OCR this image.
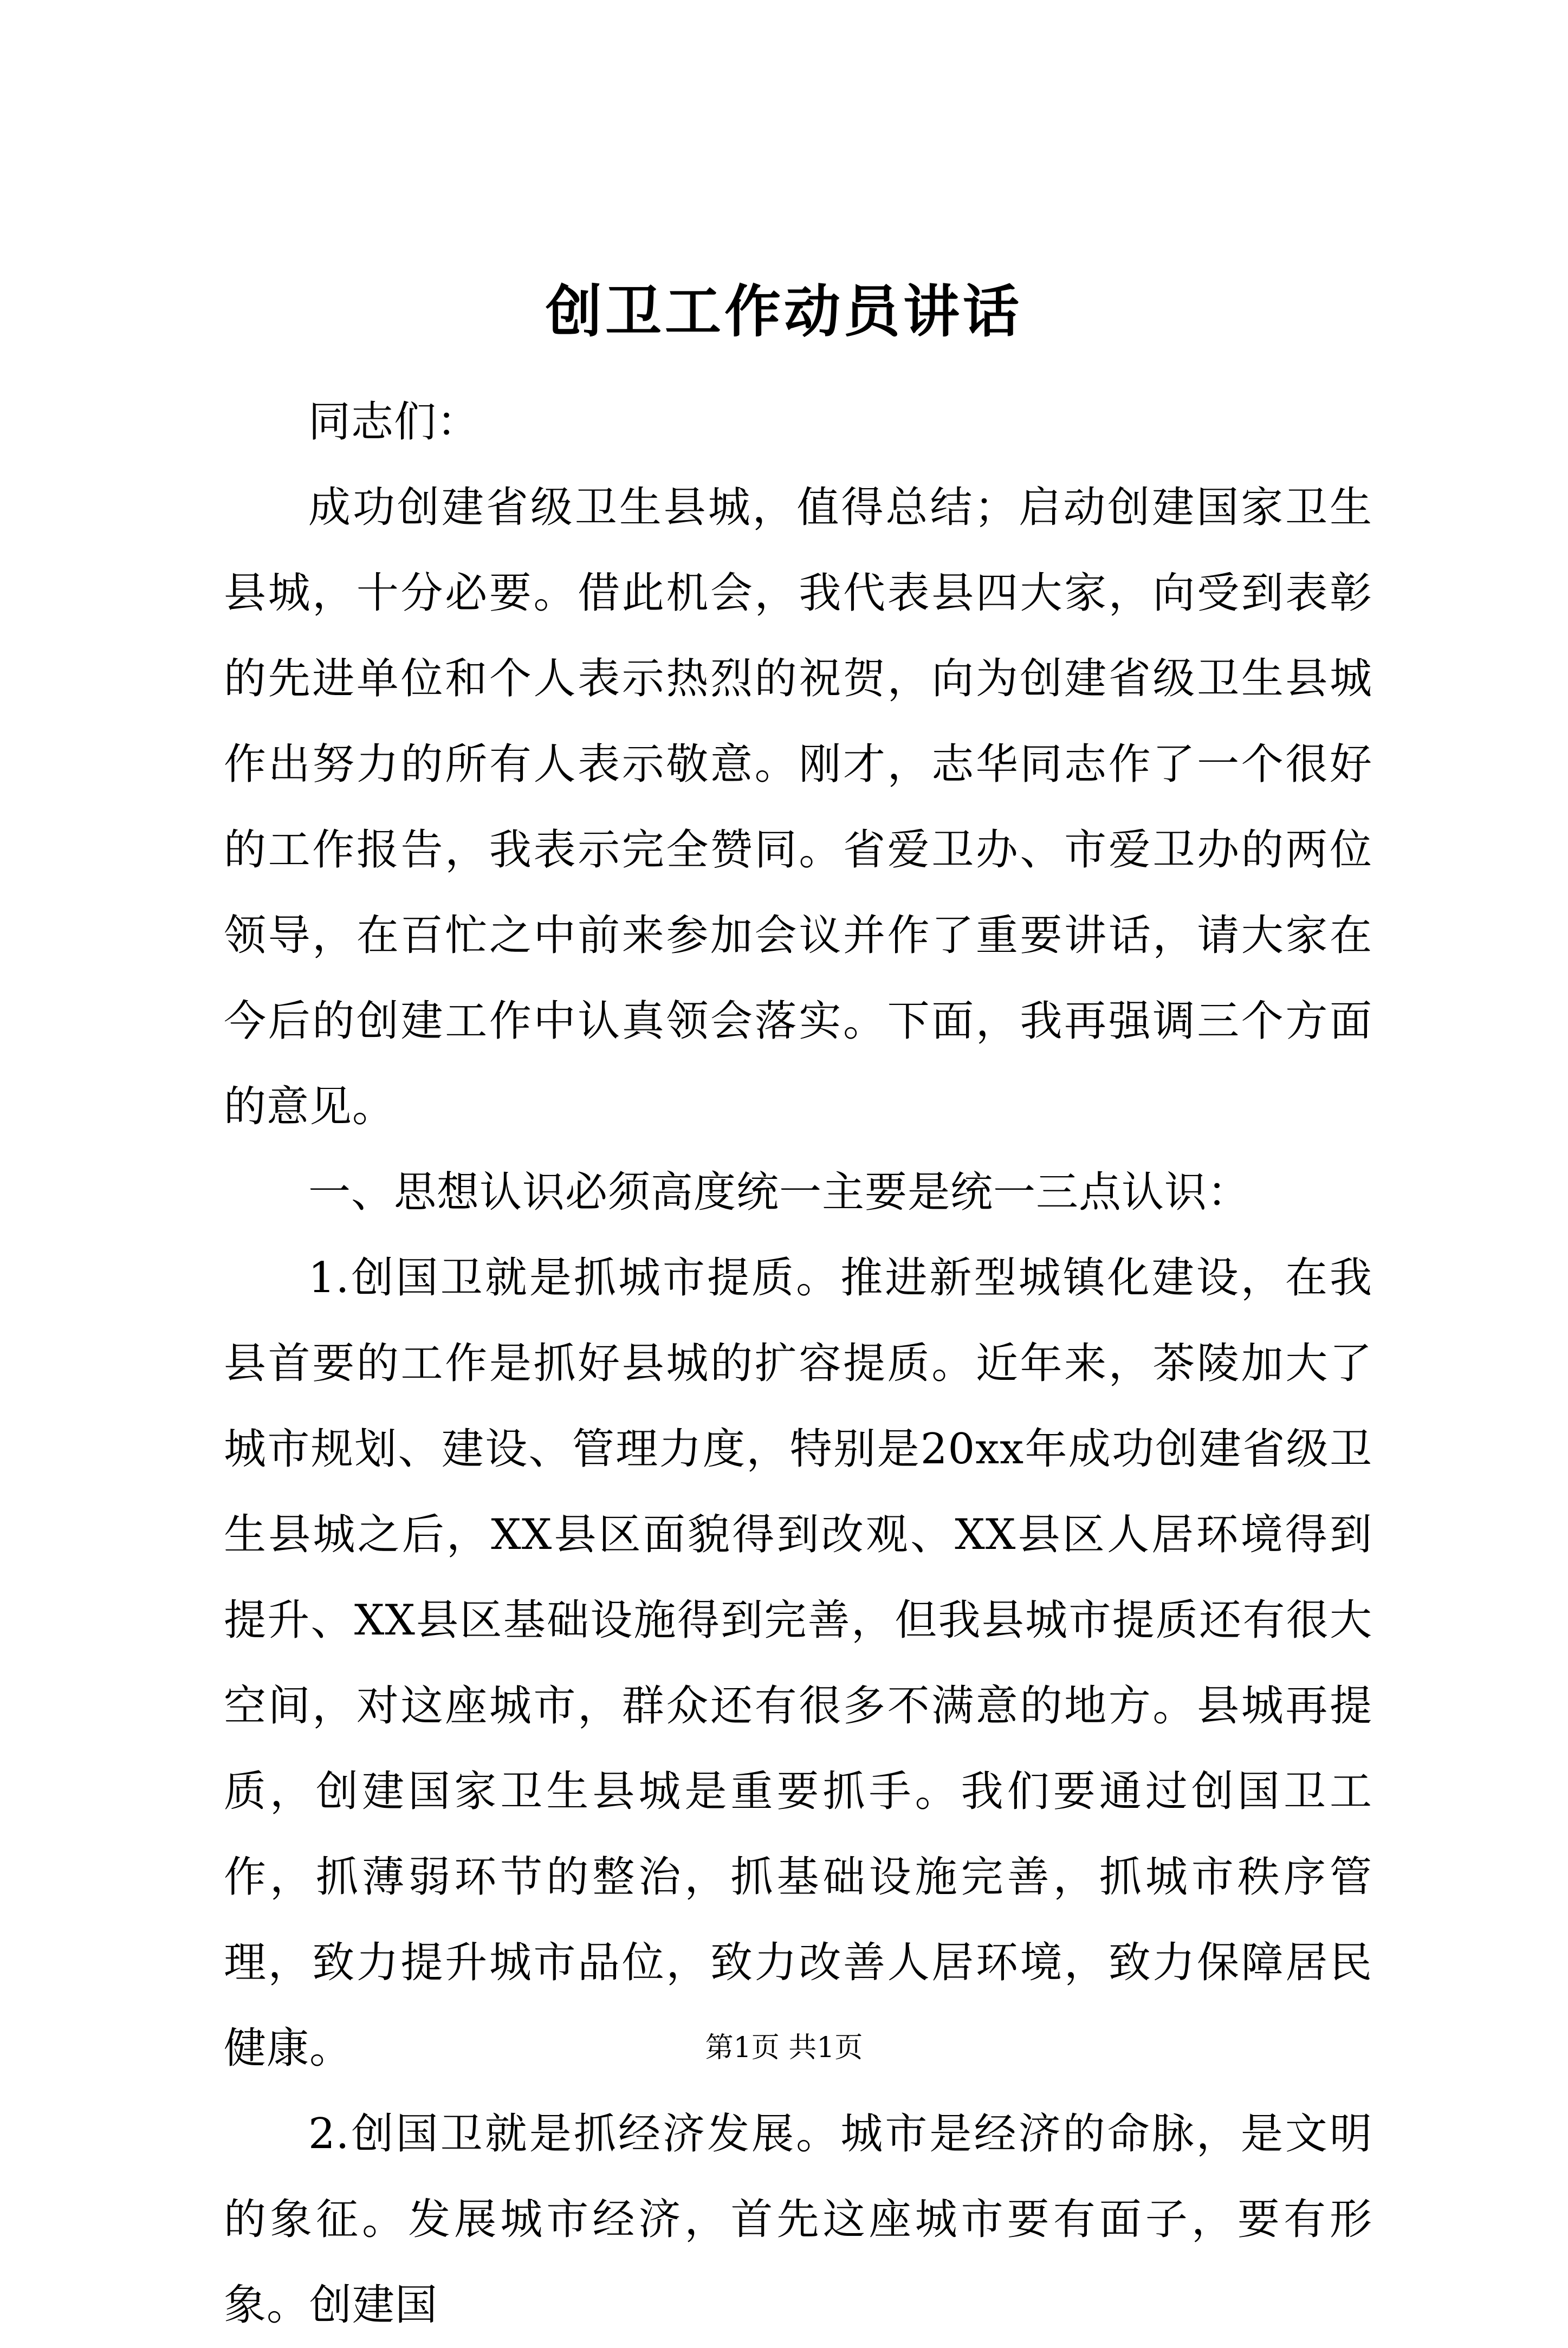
创卫工作动员讲话

同志们：

成功创建省级卫生县城，值得总结；启动创建国家卫生县城，十分必要。借此机会，我代表县四大家，向受到表彰的先进单位和个人表示热烈的祝贺，向为创建省级卫生县城作出努力的所有人表示敬意。刚才，志华同志作了一个很好的工作报告，我表示完全赞同。省爱卫办、市爱卫办的两位领导，在百忙之中前来参加会议并作了重要讲话，请大家在今后的创建工作中认真领会落实。下面，我再强调三个方面的意见。

一、思想认识必须高度统一主要是统一三点认识：

1.创国卫就是抓城市提质。推进新型城镇化建设，在我县首要的工作是抓好县城的扩容提质。近年来，茶陵加大了城市规划、建设、管理力度，特别是20xx年成功创建省级卫生县城之后，XX县区面貌得到改观、XX县区人居环境得到提升、XX县区基础设施得到完善，但我县城市提质还有很大空间，对这座城市，群众还有很多不满意的地方。县城再提质，创建国家卫生县城是重要抓手。我们要通过创国卫工作，抓薄弱环节的整治，抓基础设施完善，抓城市秩序管理，致力提升城市品位，致力改善人居环境，致力保障居民健康。

2.创国卫就是抓经济发展。城市是经济的命脉，是文明的象征。发展城市经济，首先这座城市要有面子，要有形象。创建国

第1页 共1页
